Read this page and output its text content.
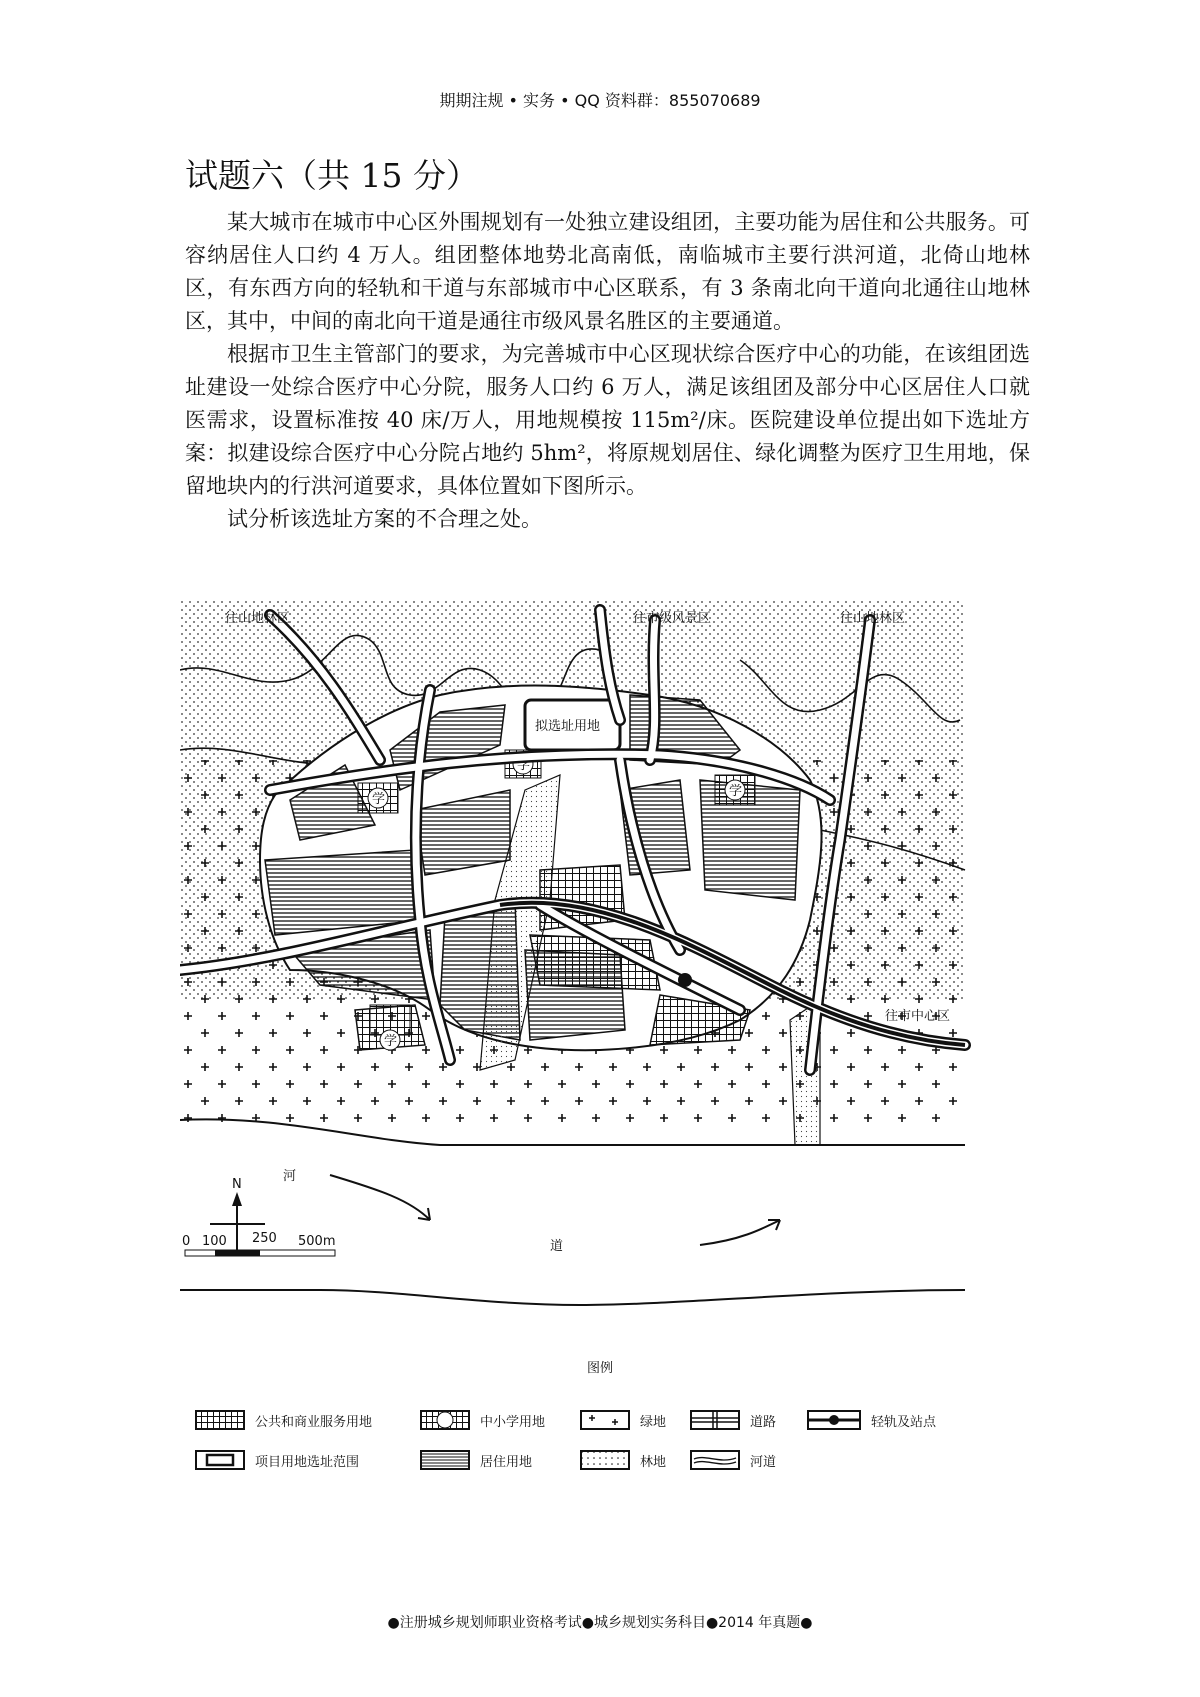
期期注规 • 实务 • QQ 资料群：855070689
试题六（共 15 分）

某大城市在城市中心区外围规划有一处独立建设组团，主要功能为居住和公共服务。可容纳居住人口约 4 万人。组团整体地势北高南低，南临城市主要行洪河道，北倚山地林区，有东西方向的轻轨和干道与东部城市中心区联系，有 3 条南北向干道向北通往山地林区，其中，中间的南北向干道是通往市级风景名胜区的主要通道。

根据市卫生主管部门的要求，为完善城市中心区现状综合医疗中心的功能，在该组团选址建设一处综合医疗中心分院，服务人口约 6 万人，满足该组团及部分中心区居住人口就医需求，设置标准按 40 床/万人，用地规模按 115m²/床。医院建设单位提出如下选址方案：拟建设综合医疗中心分院占地约 5hm²，将原规划居住、绿化调整为医疗卫生用地，保留地块内的行洪河道要求，具体位置如下图所示。

试分析该选址方案的不合理之处。

学
学
学
学
拟选址用地
河
道
往山地林区	往市级风景区	往山地林区
往市中心区
N
0 100 250 500m
图例
公共和商业服务用地	中小学用地	绿地	道路	轻轨及站点
项目用地选址范围	居住用地	林地	河道
●注册城乡规划师职业资格考试●城乡规划实务科目●2014 年真题●
